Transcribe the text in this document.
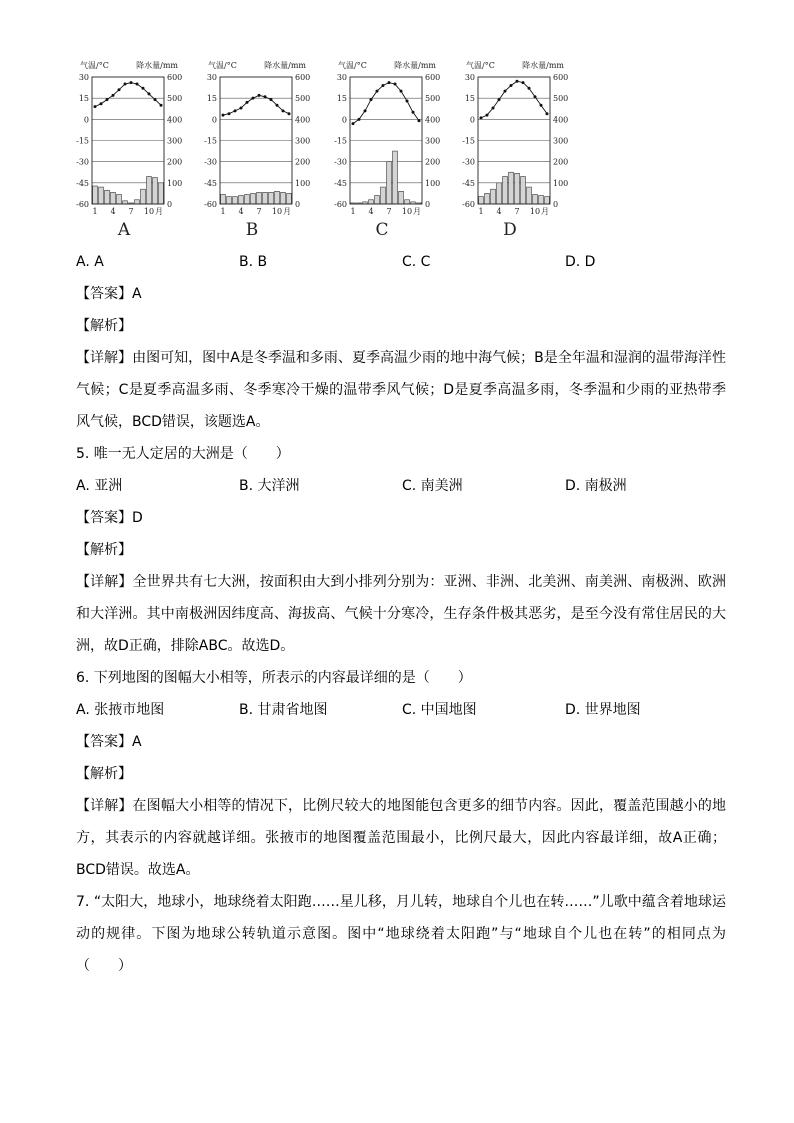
气温/°C	降水量/mm
30	600
15	500
0	400
-15	300
-30	200
-45	100
-60	0
1 4 7 10 月
A
气温/°C	降水量/mm
30	600
15	500
0	400
-15	300
-30	200
-45	100
-60	0
1 4 7 10 月
B
气温/°C	降水量/mm
30	600
15	500
0	400
-15	300
-30	200
-45	100
-60	0
1 4 7 10 月
C
气温/°C	降水量/mm
30	600
15	500
0	400
-15	300
-30	200
-45	100
-60	0
1 4 7 10 月
D
A. A	B. B	C. C	D. D
【答案】A
【解析】
【详解】由图可知，图中A是冬季温和多雨、夏季高温少雨的地中海气候；B是全年温和湿润的温带海洋性气候；C是夏季高温多雨、冬季寒冷干燥的温带季风气候；D是夏季高温多雨，冬季温和少雨的亚热带季风气候，BCD错误，该题选A。
5. 唯一无人定居的大洲是（　　）
A. 亚洲	B. 大洋洲	C. 南美洲	D. 南极洲
【答案】D
【解析】
【详解】全世界共有七大洲，按面积由大到小排列分别为：亚洲、非洲、北美洲、南美洲、南极洲、欧洲和大洋洲。其中南极洲因纬度高、海拔高、气候十分寒冷，生存条件极其恶劣，是至今没有常住居民的大洲，故D正确，排除ABC。故选D。
6. 下列地图的图幅大小相等，所表示的内容最详细的是（　　）
A. 张掖市地图	B. 甘肃省地图	C. 中国地图	D. 世界地图
【答案】A
【解析】
【详解】在图幅大小相等的情况下，比例尺较大的地图能包含更多的细节内容。因此，覆盖范围越小的地方，其表示的内容就越详细。张掖市的地图覆盖范围最小，比例尺最大，因此内容最详细，故A正确；BCD错误。故选A。
7. “太阳大，地球小，地球绕着太阳跑……星儿移，月儿转，地球自个儿也在转……”儿歌中蕴含着地球运动的规律。下图为地球公转轨道示意图。图中“地球绕着太阳跑”与“地球自个儿也在转”的相同点为（　　）
